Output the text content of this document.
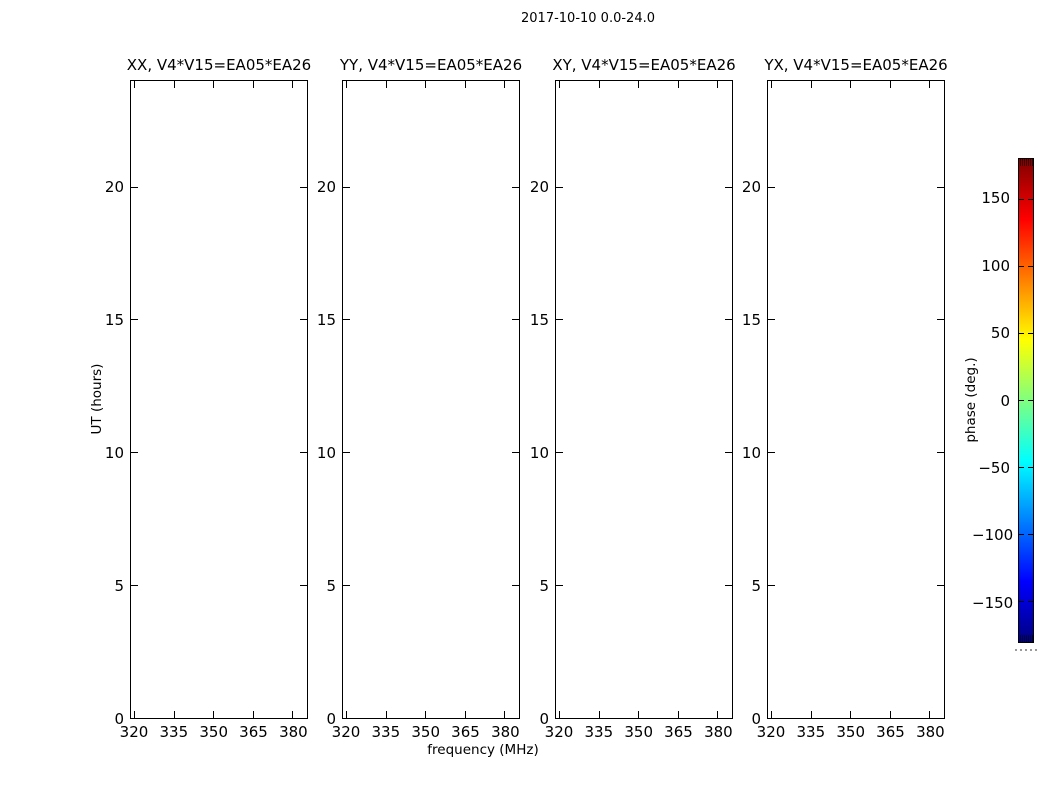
2017-10-10 0.0-24.0
XX, V4*V15=EA05*EA26 YY, V4*V15=EA05*EA26 XY, V4*V15=EA05*EA26 YX, V4*V15=EA05*EA26
320 335 350 365 380
0
5
10
15
20
320 335 350 365 380
0
5
10
15
20
320 335 350 365 380
0
5
10
15
20
320 335 350 365 380
0
5
10
15
20
frequency (MHz)
UT (hours)	phase (deg.)
150
100
50
0
−50
−100
−150
